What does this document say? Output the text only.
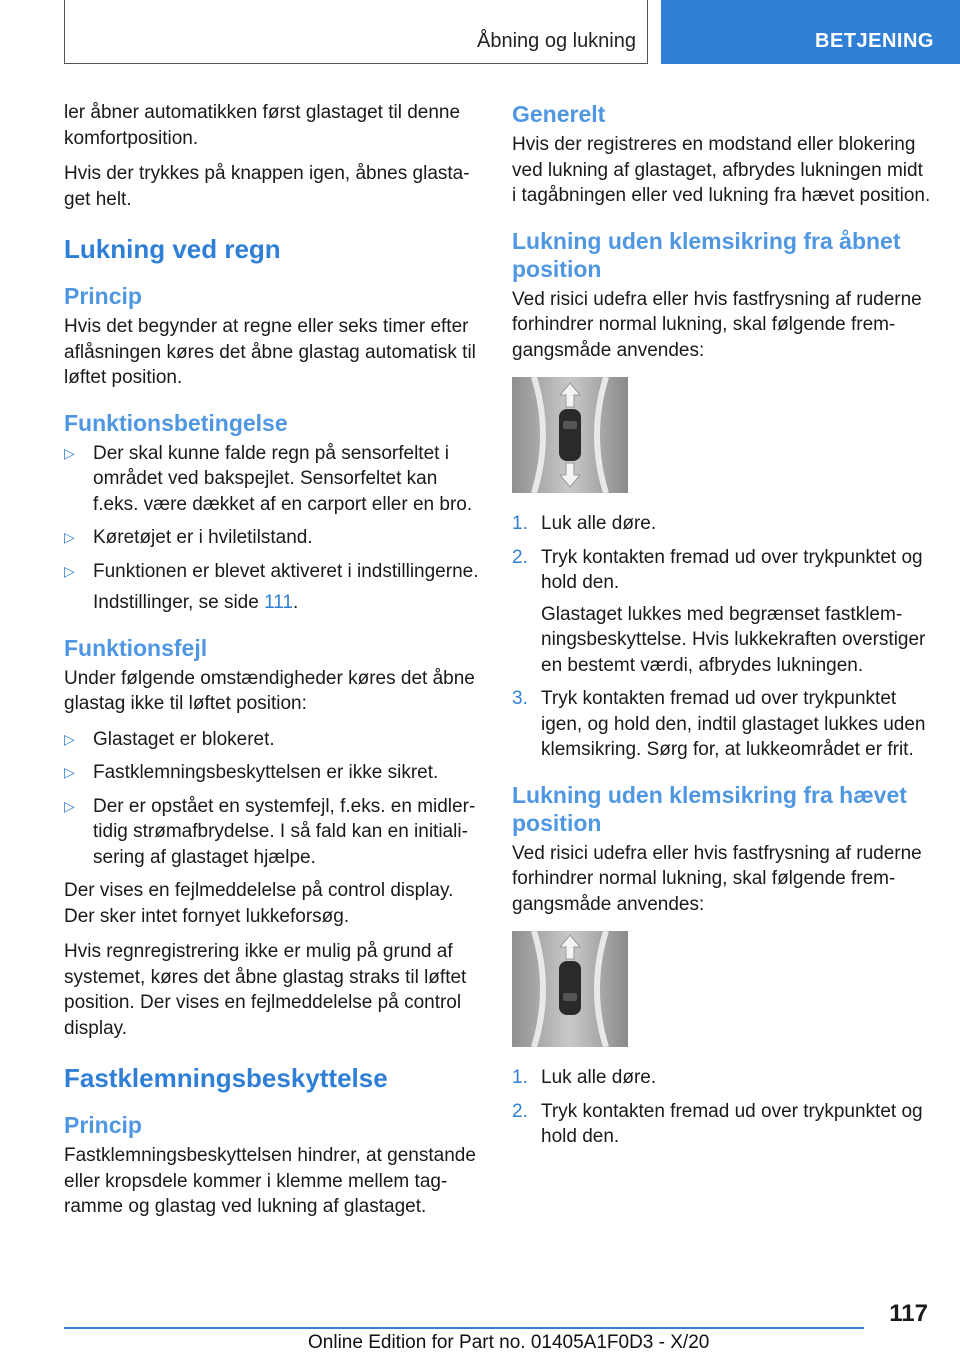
Åbning og lukning	BETJENING

ler åbner automatikken først glastaget til denne komfortposition.

Hvis der trykkes på knappen igen, åbnes glastaget helt.

Lukning ved regn
Princip

Hvis det begynder at regne eller seks timer efter aflåsningen køres det åbne glastag automatisk til løftet position.

Funktionsbetingelse
▷ Der skal kunne falde regn på sensorfeltet i området ved bakspejlet. Sensorfeltet kan f.eks. være dækket af en carport eller en bro.
▷ Køretøjet er i hviletilstand.
▷ Funktionen er blevet aktiveret i indstillingerne.
Indstillinger, se side 111.
Funktionsfejl

Under følgende omstændigheder køres det åbne glastag ikke til løftet position:

▷ Glastaget er blokeret.
▷ Fastklemningsbeskyttelsen er ikke sikret.
▷ Der er opstået en systemfejl, f.eks. en midlertidig strømafbrydelse. I så fald kan en initialisering af glastaget hjælpe.

Der vises en fejlmeddelelse på control display. Der sker intet fornyet lukkeforsøg.

Hvis regnregistrering ikke er mulig på grund af systemet, køres det åbne glastag straks til løftet position. Der vises en fejlmeddelelse på control display.

Fastklemningsbeskyttelse
Princip

Fastklemningsbeskyttelsen hindrer, at genstande eller kropsdele kommer i klemme mellem tagramme og glastag ved lukning af glastaget.

Generelt

Hvis der registreres en modstand eller blokering ved lukning af glastaget, afbrydes lukningen midt i tagåbningen eller ved lukning fra hævet position.

Lukning uden klemsikring fra åbnet position

Ved risici udefra eller hvis fastfrysning af ruderne forhindrer normal lukning, skal følgende fremgangsmåde anvendes:

1. Luk alle døre.
2. Tryk kontakten fremad ud over trykpunktet og hold den.
Glastaget lukkes med begrænset fastklemningsbeskyttelse. Hvis lukkekraften overstiger en bestemt værdi, afbrydes lukningen.
3. Tryk kontakten fremad ud over trykpunktet igen, og hold den, indtil glastaget lukkes uden klemsikring. Sørg for, at lukkeområdet er frit.
Lukning uden klemsikring fra hævet position

Ved risici udefra eller hvis fastfrysning af ruderne forhindrer normal lukning, skal følgende fremgangsmåde anvendes:

1. Luk alle døre.
2. Tryk kontakten fremad ud over trykpunktet og hold den.
117
Online Edition for Part no. 01405A1F0D3 - X/20
